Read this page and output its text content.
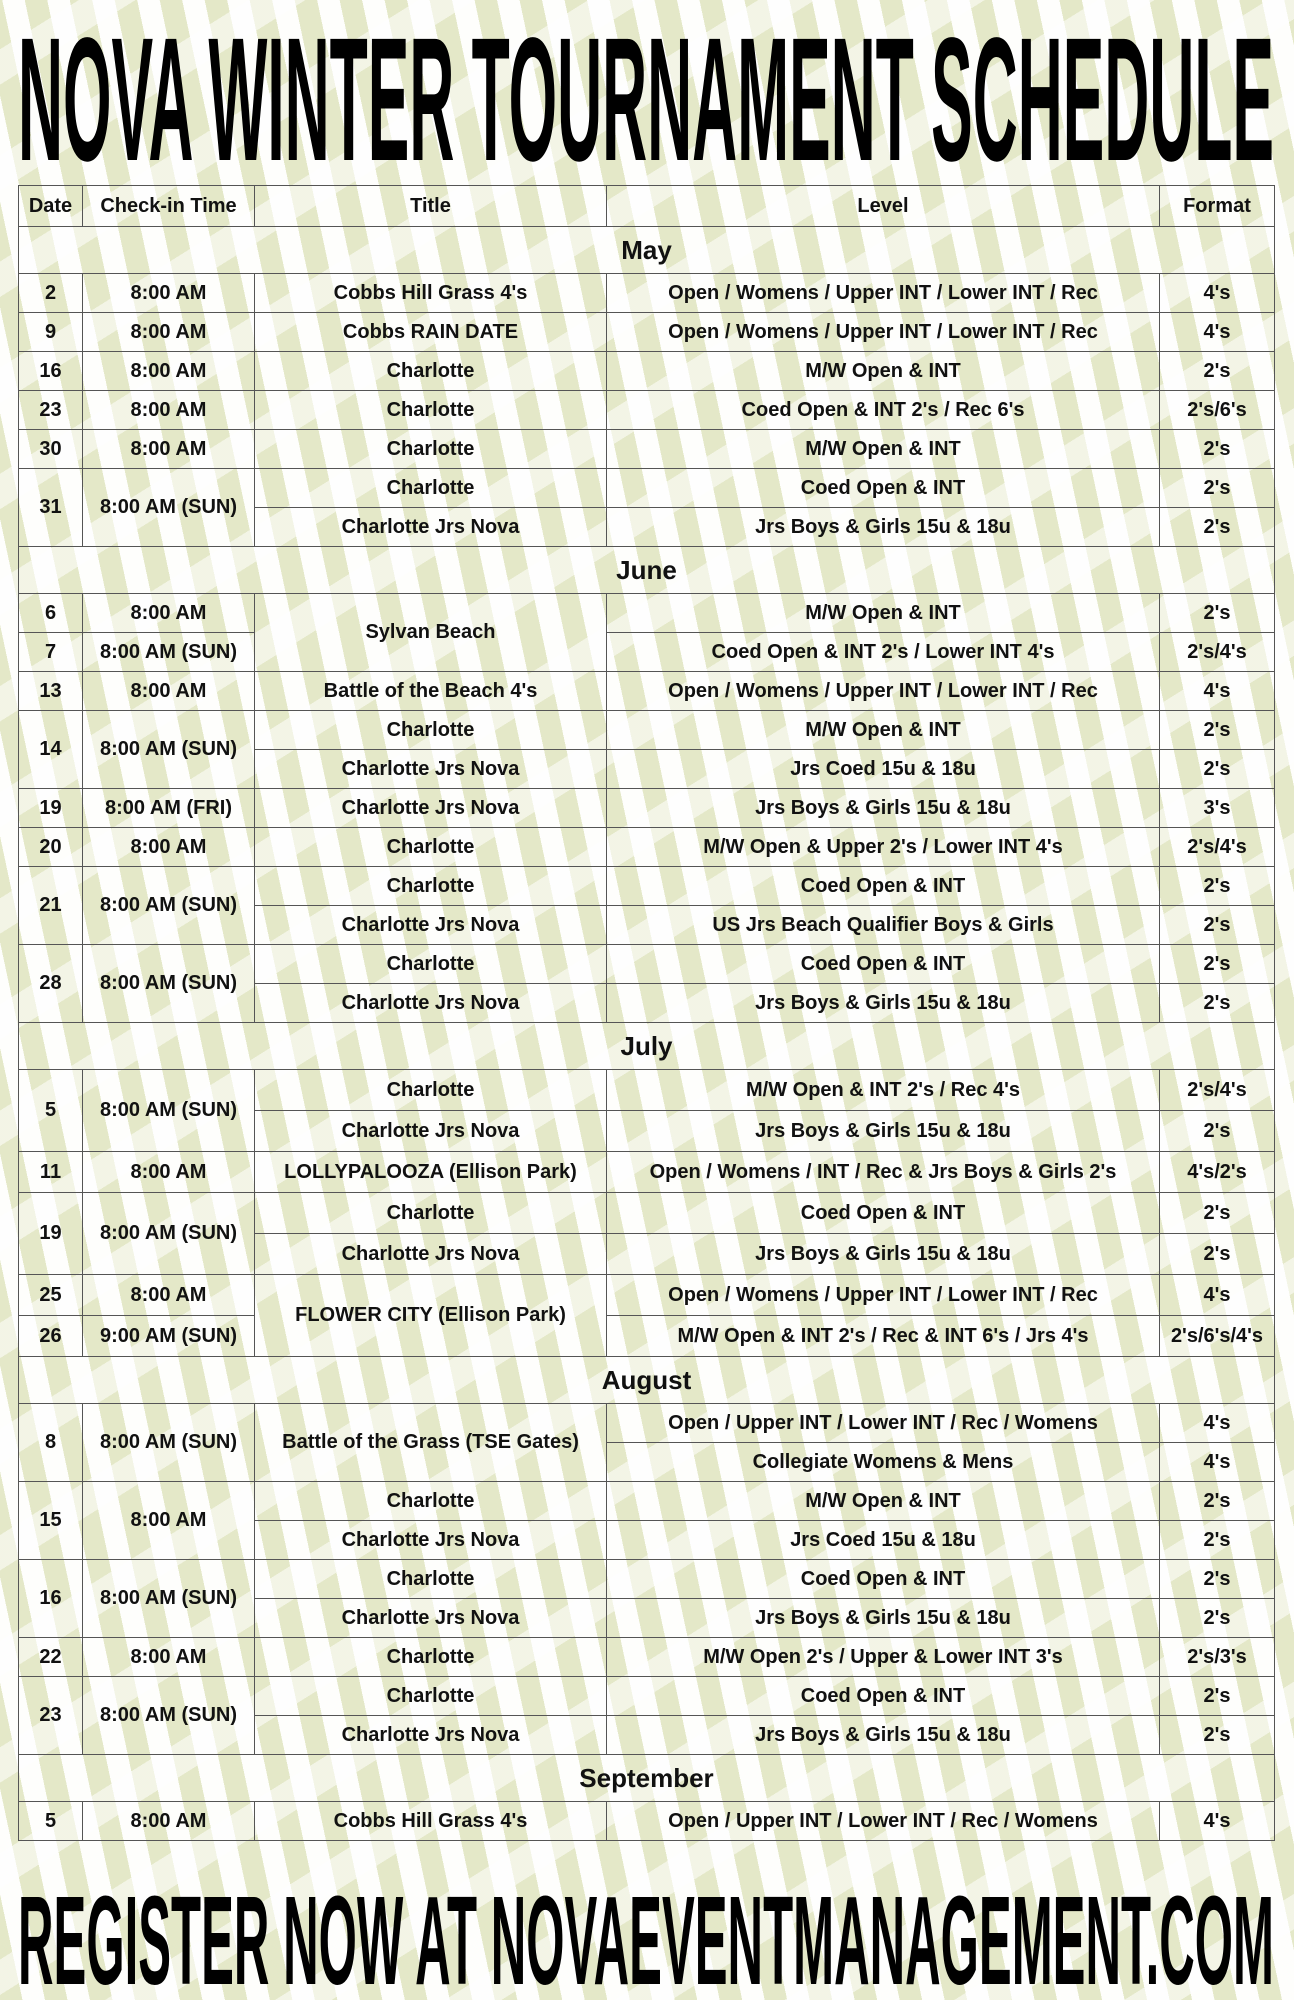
NOVA WINTER TOURNAMENT SCHEDULE
Date	Check-in Time	Title	Level	Format
May				
2	8:00 AM	Cobbs Hill Grass 4's	Open / Womens / Upper INT / Lower INT / Rec	4's
9	8:00 AM	Cobbs RAIN DATE	Open / Womens / Upper INT / Lower INT / Rec	4's
16	8:00 AM	Charlotte	M/W Open & INT	2's
23	8:00 AM	Charlotte	Coed Open & INT 2's / Rec 6's	2's/6's
30	8:00 AM	Charlotte	M/W Open & INT	2's
31	8:00 AM (SUN)	Charlotte	Coed Open & INT	2's
		Charlotte Jrs Nova	Jrs Boys & Girls 15u & 18u	2's
June				
6	8:00 AM	Sylvan Beach	M/W Open & INT	2's
7	8:00 AM (SUN)		Coed Open & INT 2's / Lower INT 4's	2's/4's
13	8:00 AM	Battle of the Beach 4's	Open / Womens / Upper INT / Lower INT / Rec	4's
14	8:00 AM (SUN)	Charlotte	M/W Open & INT	2's
		Charlotte Jrs Nova	Jrs Coed 15u & 18u	2's
19	8:00 AM (FRI)	Charlotte Jrs Nova	Jrs Boys & Girls 15u & 18u	3's
20	8:00 AM	Charlotte	M/W Open & Upper 2's / Lower INT 4's	2's/4's
21	8:00 AM (SUN)	Charlotte	Coed Open & INT	2's
		Charlotte Jrs Nova	US Jrs Beach Qualifier Boys & Girls	2's
28	8:00 AM (SUN)	Charlotte	Coed Open & INT	2's
		Charlotte Jrs Nova	Jrs Boys & Girls 15u & 18u	2's
July				
5	8:00 AM (SUN)	Charlotte	M/W Open & INT 2's / Rec 4's	2's/4's
		Charlotte Jrs Nova	Jrs Boys & Girls 15u & 18u	2's
11	8:00 AM	LOLLYPALOOZA (Ellison Park)	Open / Womens / INT / Rec & Jrs Boys & Girls 2's	4's/2's
19	8:00 AM (SUN)	Charlotte	Coed Open & INT	2's
		Charlotte Jrs Nova	Jrs Boys & Girls 15u & 18u	2's
25	8:00 AM	FLOWER CITY (Ellison Park)	Open / Womens / Upper INT / Lower INT / Rec	4's
26	9:00 AM (SUN)		M/W Open & INT 2's / Rec & INT 6's / Jrs 4's	2's/6's/4's
August				
8	8:00 AM (SUN)	Battle of the Grass (TSE Gates)	Open / Upper INT / Lower INT / Rec / Womens	4's
			Collegiate Womens & Mens	4's
15	8:00 AM	Charlotte	M/W Open & INT	2's
		Charlotte Jrs Nova	Jrs Coed 15u & 18u	2's
16	8:00 AM (SUN)	Charlotte	Coed Open & INT	2's
		Charlotte Jrs Nova	Jrs Boys & Girls 15u & 18u	2's
22	8:00 AM	Charlotte	M/W Open 2's / Upper & Lower INT 3's	2's/3's
23	8:00 AM (SUN)	Charlotte	Coed Open & INT	2's
		Charlotte Jrs Nova	Jrs Boys & Girls 15u & 18u	2's
September				
5	8:00 AM	Cobbs Hill Grass 4's	Open / Upper INT / Lower INT / Rec / Womens	4's
REGISTER NOW AT NOVAEVENTMANAGEMENT.COM
